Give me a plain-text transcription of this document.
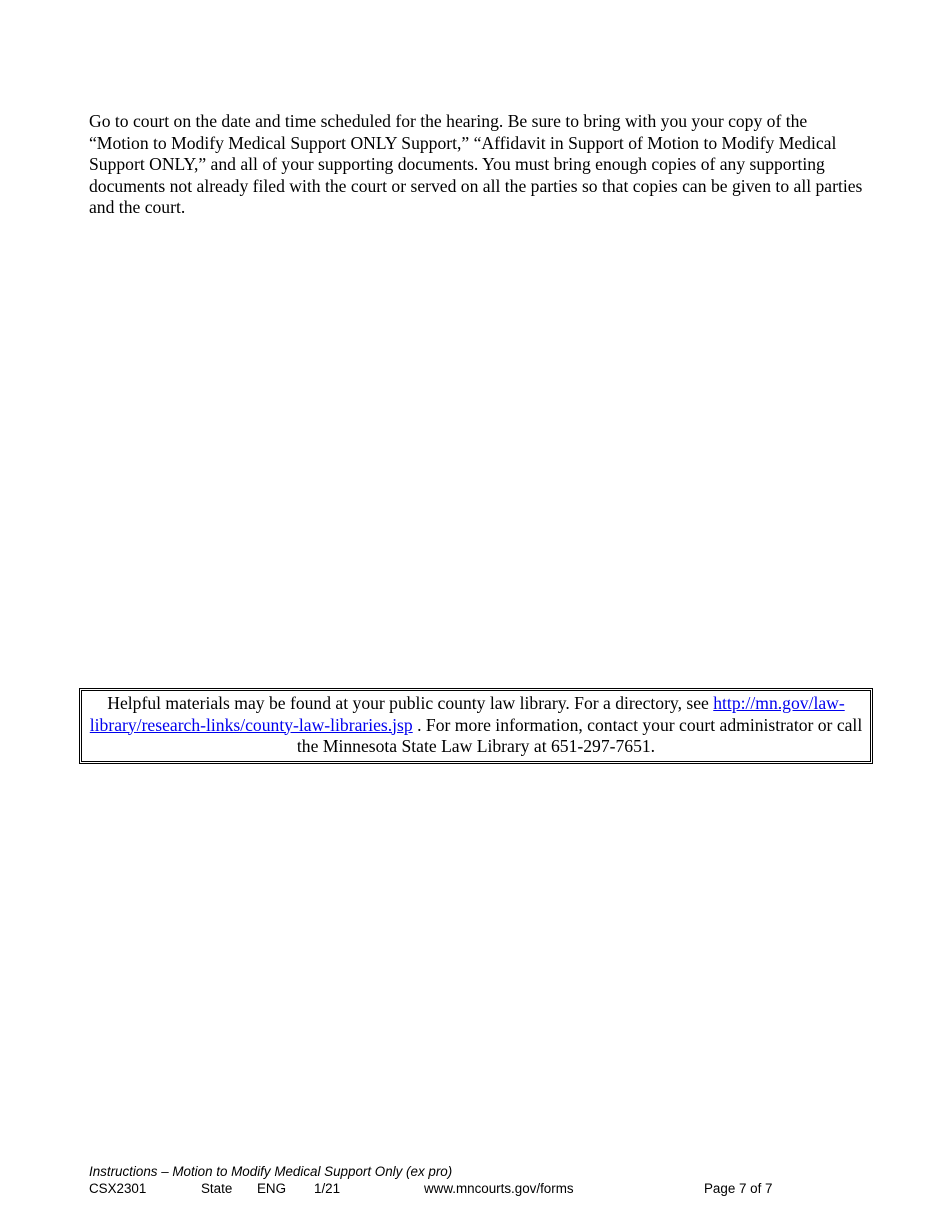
Go to court on the date and time scheduled for the hearing. Be sure to bring with you your copy of the “Motion to Modify Medical Support ONLY Support,” “Affidavit in Support of Motion to Modify Medical Support ONLY,” and all of your supporting documents. You must bring enough copies of any supporting documents not already filed with the court or served on all the parties so that copies can be given to all parties and the court.

Helpful materials may be found at your public county law library. For a directory, see http://mn.gov/law-library/research-links/county-law-libraries.jsp . For more information, contact your court administrator or call the Minnesota State Law Library at 651-297-7651.

Instructions – Motion to Modify Medical Support Only (ex pro)

CSX2301	State ENG 1/21	www.mncourts.gov/forms	Page 7 of 7
